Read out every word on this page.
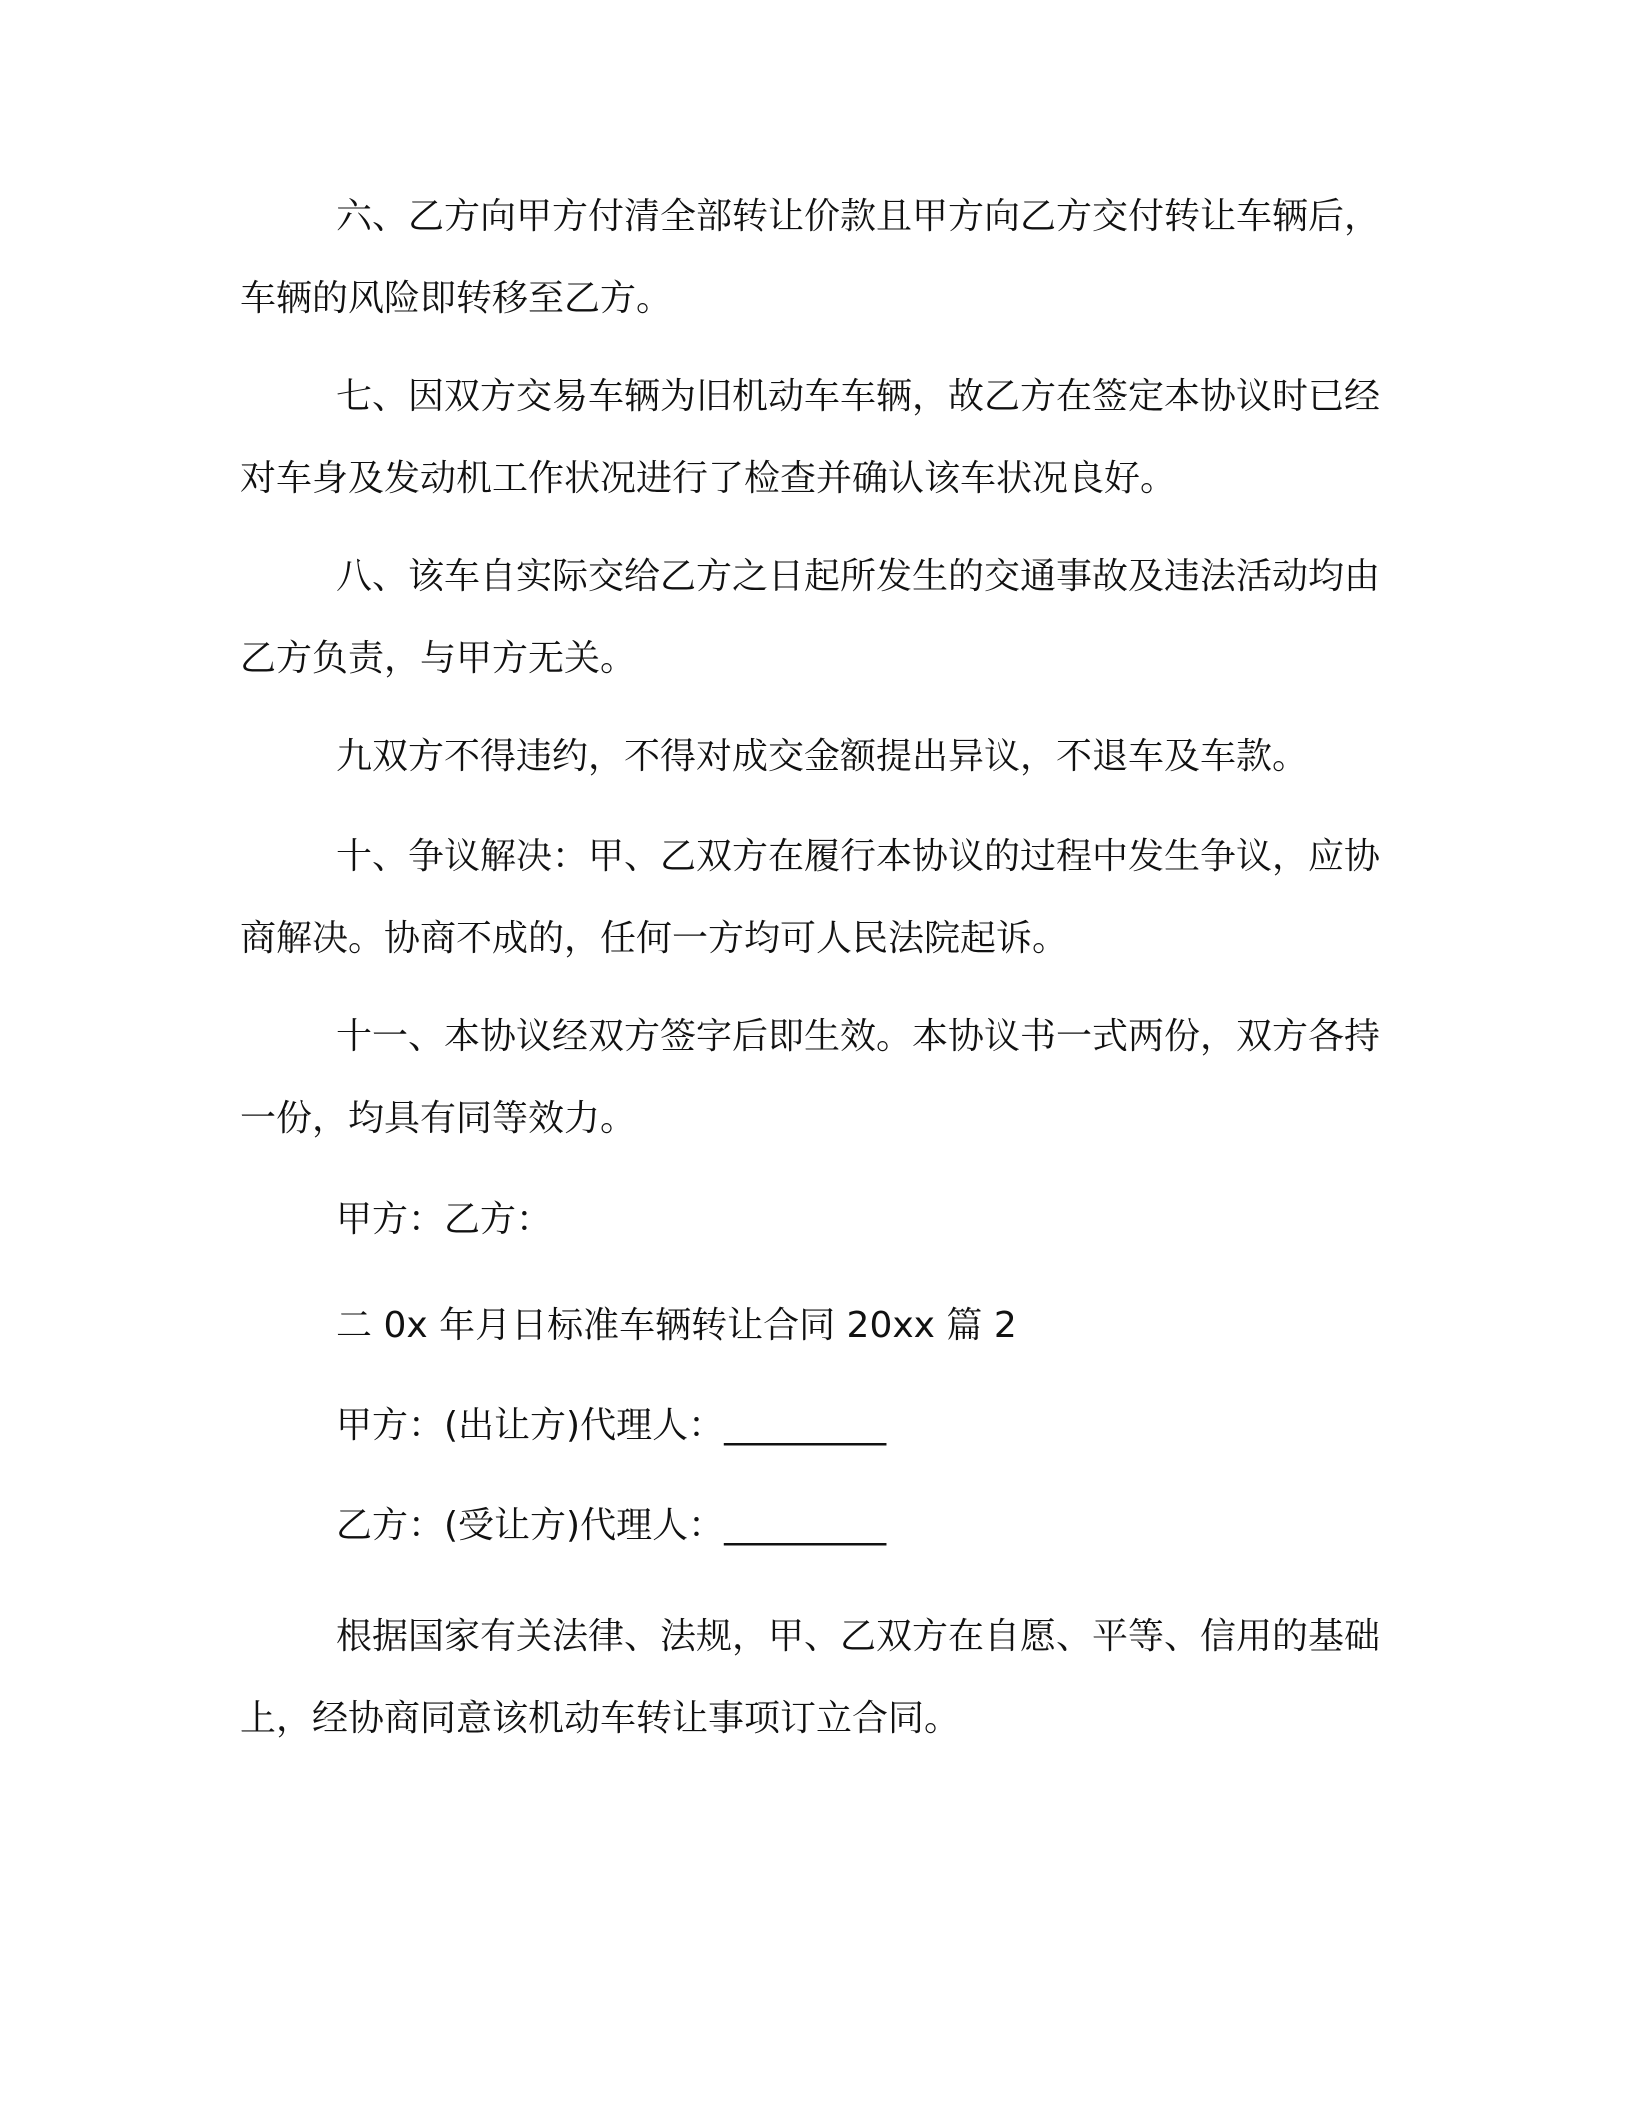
六、乙方向甲方付清全部转让价款且甲方向乙方交付转让车辆后，车辆的风险即转移至乙方。

七、因双方交易车辆为旧机动车车辆，故乙方在签定本协议时已经对车身及发动机工作状况进行了检查并确认该车状况良好。

八、该车自实际交给乙方之日起所发生的交通事故及违法活动均由乙方负责，与甲方无关。

九双方不得违约，不得对成交金额提出异议，不退车及车款。

十、争议解决：甲、乙双方在履行本协议的过程中发生争议，应协商解决。协商不成的，任何一方均可人民法院起诉。

十一、本协议经双方签字后即生效。本协议书一式两份，双方各持一份，均具有同等效力。

甲方：乙方：

二 0x 年月日标准车辆转让合同 20xx 篇 2

甲方：(出让方)代理人：_________

乙方：(受让方)代理人：_________

根据国家有关法律、法规，甲、乙双方在自愿、平等、信用的基础上，经协商同意该机动车转让事项订立合同。
